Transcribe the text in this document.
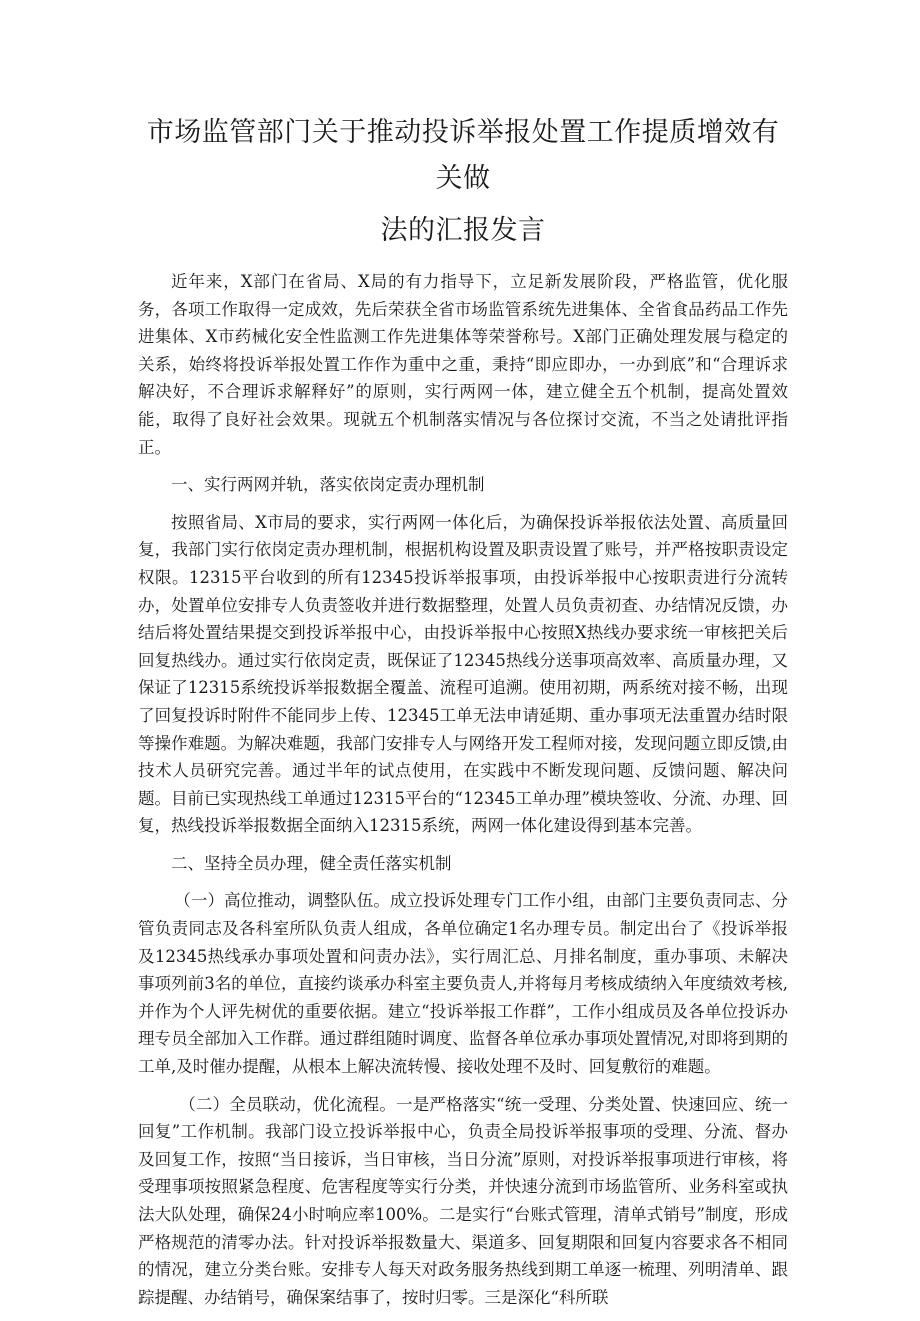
市场监管部门关于推动投诉举报处置工作提质增效有关做
法的汇报发言

近年来，X部门在省局、X局的有力指导下，立足新发展阶段，严格监管，优化服务，各项工作取得一定成效，先后荣获全省市场监管系统先进集体、全省食品药品工作先进集体、X市药械化安全性监测工作先进集体等荣誉称号。X部门正确处理发展与稳定的关系，始终将投诉举报处置工作作为重中之重，秉持“即应即办，一办到底”和“合理诉求解决好，不合理诉求解释好”的原则，实行两网一体，建立健全五个机制，提高处置效能，取得了良好社会效果。现就五个机制落实情况与各位探讨交流，不当之处请批评指正。

一、实行两网并轨，落实依岗定责办理机制

按照省局、X市局的要求，实行两网一体化后，为确保投诉举报依法处置、高质量回复，我部门实行依岗定责办理机制，根据机构设置及职责设置了账号，并严格按职责设定权限。12315平台收到的所有12345投诉举报事项，由投诉举报中心按职责进行分流转办，处置单位安排专人负责签收并进行数据整理，处置人员负责初查、办结情况反馈，办结后将处置结果提交到投诉举报中心，由投诉举报中心按照X热线办要求统一审核把关后回复热线办。通过实行依岗定责，既保证了12345热线分送事项高效率、高质量办理，又保证了12315系统投诉举报数据全覆盖、流程可追溯。使用初期，两系统对接不畅，出现了回复投诉时附件不能同步上传、12345工单无法申请延期、重办事项无法重置办结时限等操作难题。为解决难题，我部门安排专人与网络开发工程师对接，发现问题立即反馈,由技术人员研究完善。通过半年的试点使用，在实践中不断发现问题、反馈问题、解决问题。目前已实现热线工单通过12315平台的“12345工单办理”模块签收、分流、办理、回复，热线投诉举报数据全面纳入12315系统，两网一体化建设得到基本完善。

二、坚持全员办理，健全责任落实机制

（一）高位推动，调整队伍。成立投诉处理专门工作小组，由部门主要负责同志、分管负责同志及各科室所队负责人组成，各单位确定1名办理专员。制定出台了《投诉举报及12345热线承办事项处置和问责办法》，实行周汇总、月排名制度，重办事项、未解决事项列前3名的单位，直接约谈承办科室主要负责人,并将每月考核成绩纳入年度绩效考核,并作为个人评先树优的重要依据。建立“投诉举报工作群”，工作小组成员及各单位投诉办理专员全部加入工作群。通过群组随时调度、监督各单位承办事项处置情况,对即将到期的工单,及时催办提醒，从根本上解决流转慢、接收处理不及时、回复敷衍的难题。

（二）全员联动，优化流程。一是严格落实“统一受理、分类处置、快速回应、统一回复”工作机制。我部门设立投诉举报中心，负责全局投诉举报事项的受理、分流、督办及回复工作，按照“当日接诉，当日审核，当日分流”原则，对投诉举报事项进行审核，将受理事项按照紧急程度、危害程度等实行分类，并快速分流到市场监管所、业务科室或执法大队处理，确保24小时响应率100%。二是实行“台账式管理，清单式销号”制度，形成严格规范的清零办法。针对投诉举报数量大、渠道多、回复期限和回复内容要求各不相同的情况，建立分类台账。安排专人每天对政务服务热线到期工单逐一梳理、列明清单、跟踪提醒、办结销号，确保案结事了，按时归零。三是深化“科所联
